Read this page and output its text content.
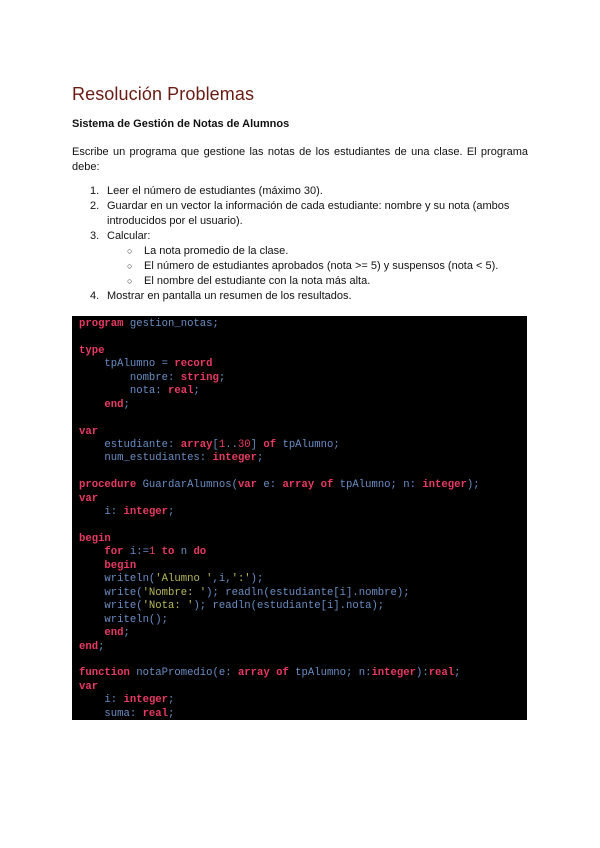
Resolución Problemas
Sistema de Gestión de Notas de Alumnos

Escribe un programa que gestione las notas de los estudiantes de una clase. El programa debe:

1. Leer el número de estudiantes (máximo 30).
2. Guardar en un vector la información de cada estudiante: nombre y su nota (ambos introducidos por el usuario).
3. Calcular:
○ La nota promedio de la clase.
○ El número de estudiantes aprobados (nota >= 5) y suspensos (nota < 5).
○ El nombre del estudiante con la nota más alta.
4. Mostrar en pantalla un resumen de los resultados.
program gestion_notas;

type
tpAlumno = record
nombre: string;
nota: real;
end;

var
estudiante: array[1..30] of tpAlumno;
num_estudiantes: integer;

procedure GuardarAlumnos(var e: array of tpAlumno; n: integer);
var
i: integer;

begin
for i:=1 to n do
begin
writeln('Alumno ',i,':');
write('Nombre: '); readln(estudiante[i].nombre);
write('Nota: '); readln(estudiante[i].nota);
writeln();
end;
end;

function notaPromedio(e: array of tpAlumno; n:integer):real;
var
i: integer;
suma: real;
